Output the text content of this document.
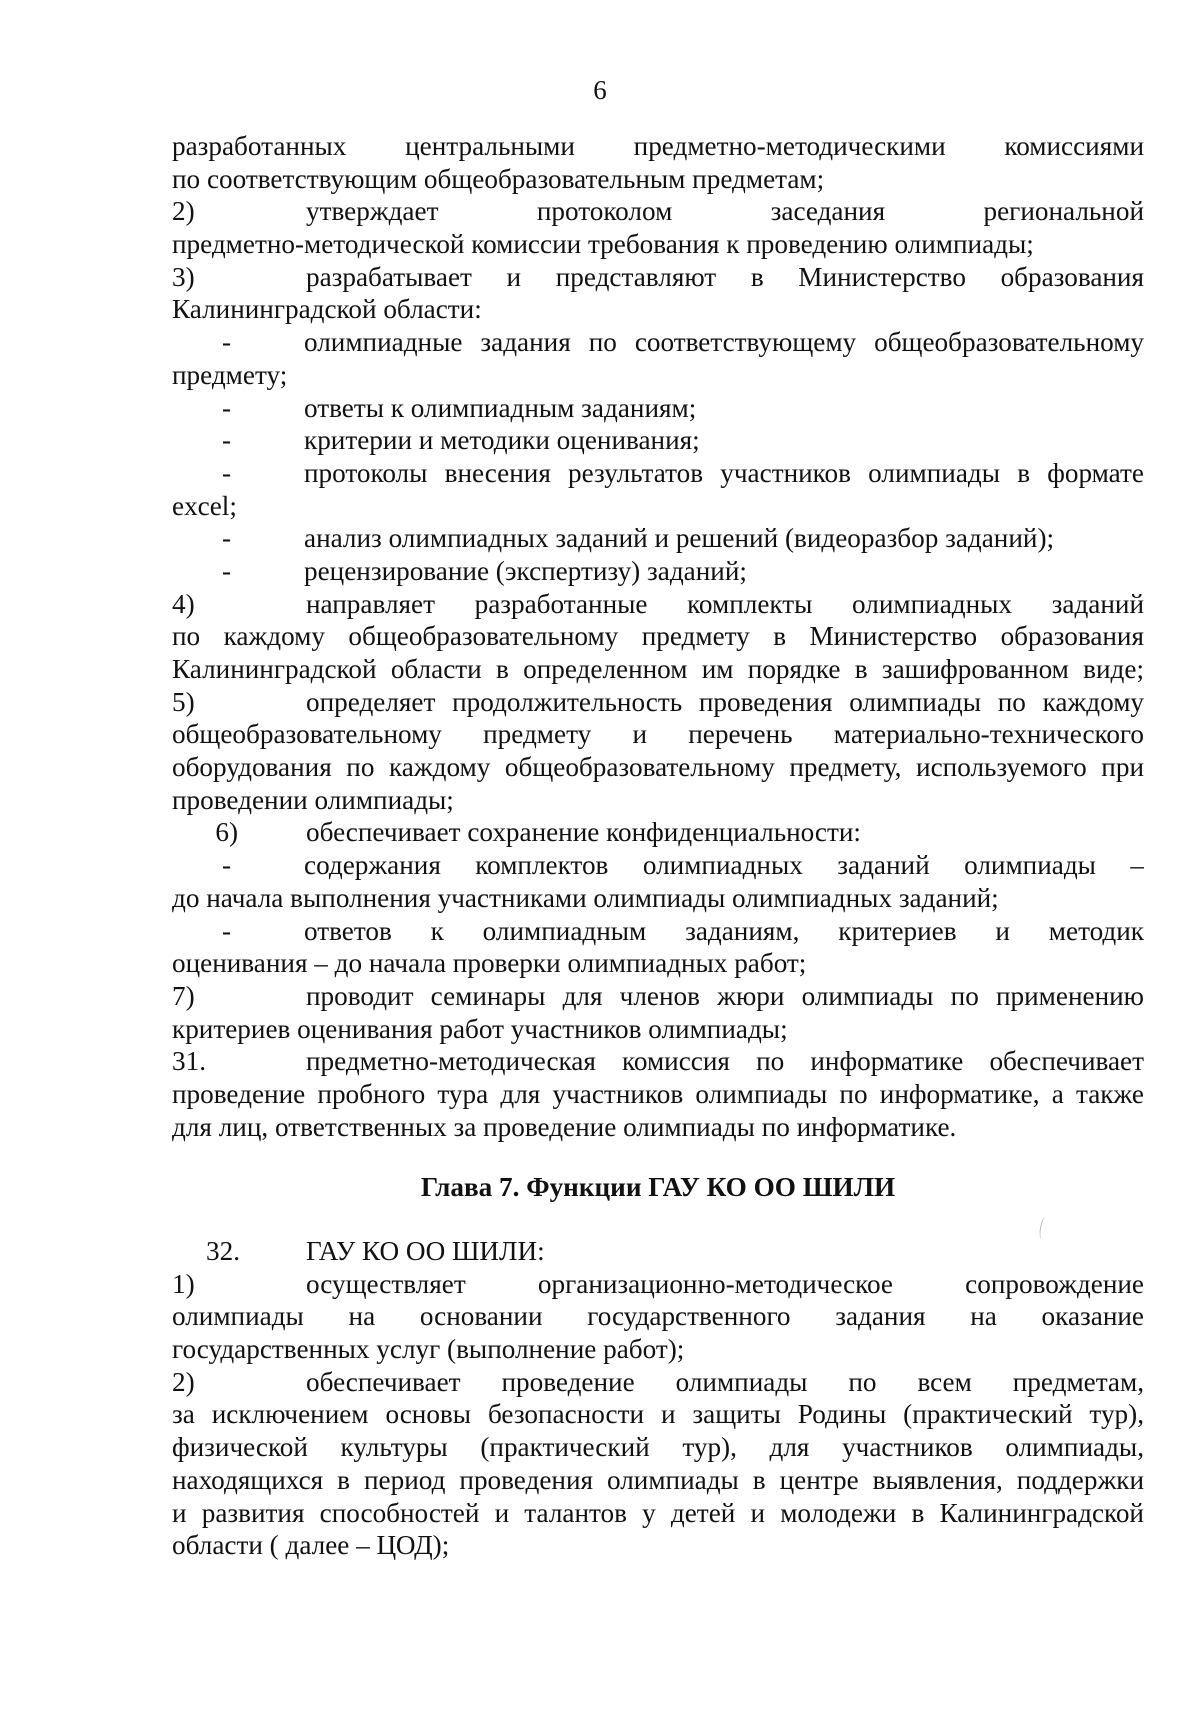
6
разработанных центральными предметно-методическими комиссиями
по соответствующим общеобразовательным предметам;
2)	утверждает протоколом заседания региональной
предметно-методической комиссии требования к проведению олимпиады;
3)	разрабатывает и представляют в Министерство образования
Калининградской области:
-	олимпиадные задания по соответствующему общеобразовательному
предмету;
-	ответы к олимпиадным заданиям;
-	критерии и методики оценивания;
-	протоколы внесения результатов участников олимпиады в формате
excel;
-	анализ олимпиадных заданий и решений (видеоразбор заданий);
-	рецензирование (экспертизу) заданий;
4)	направляет разработанные комплекты олимпиадных заданий
по каждому общеобразовательному предмету в Министерство образования
Калининградской области в определенном им порядке в зашифрованном виде;
5)	определяет продолжительность проведения олимпиады по каждому
общеобразовательному предмету и перечень материально-технического
оборудования по каждому общеобразовательному предмету, используемого при
проведении олимпиады;
6)	обеспечивает сохранение конфиденциальности:
-	содержания комплектов олимпиадных заданий олимпиады –
до начала выполнения участниками олимпиады олимпиадных заданий;
-	ответов к олимпиадным заданиям, критериев и методик
оценивания – до начала проверки олимпиадных работ;
7)	проводит семинары для членов жюри олимпиады по применению
критериев оценивания работ участников олимпиады;
31.	предметно-методическая комиссия по информатике обеспечивает
проведение пробного тура для участников олимпиады по информатике, а также
для лиц, ответственных за проведение олимпиады по информатике.
Глава 7. Функции ГАУ КО ОО ШИЛИ
32. ГАУ КО ОО ШИЛИ:
1)	осуществляет организационно-методическое сопровождение
олимпиады на основании государственного задания на оказание
государственных услуг (выполнение работ);
2)	обеспечивает проведение олимпиады по всем предметам,
за исключением основы безопасности и защиты Родины (практический тур),
физической культуры (практический тур), для участников олимпиады,
находящихся в период проведения олимпиады в центре выявления, поддержки
и развития способностей и талантов у детей и молодежи в Калининградской
области ( далее – ЦОД);
